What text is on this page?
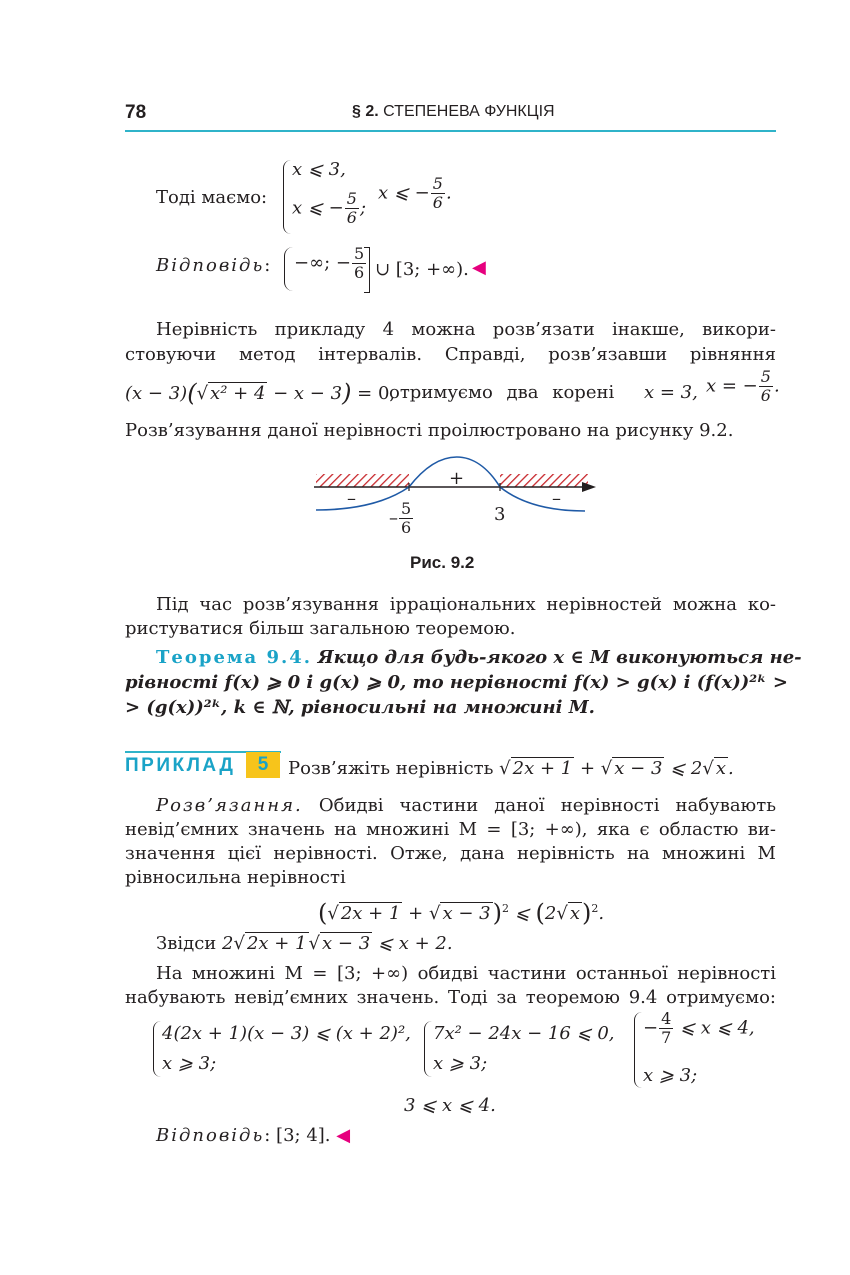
78	§ 2. СТЕПЕНЕВА ФУНКЦІЯ
Тоді маємо:
x ⩽ 3,
x ⩽ − $\frac{5}{6}$ ;
x ⩽ − $\frac{5}{6}$ .
Відповідь: −∞; − $\frac{5}{6}$ ∪ [3; +∞). ◀
Нерівність прикладу 4 можна розв’язати інакше, викори-
стовуючи метод інтервалів. Справді, розв’язавши рівняння
(x − 3)(√ x² + 4 − x − 3) = 0,
отримуємо два корені x = 3, x = − $\frac{5}{6}$ .
Розв’язування даної нерівності проілюстровано на рисунку 9.2.
+
–	–
– $\frac{5}{6}$	3
Рис. 9.2
Під час розв’язування ірраціональних нерівностей можна ко-
ристуватися більш загальною теоремою.
Теорема 9.4. Якщо для будь-якого x ∈ M виконуються не-
рівності f(x) ⩾ 0 і g(x) ⩾ 0, то нерівності f(x) > g(x) і (f(x))²ᵏ >
> (g(x))²ᵏ, k ∈ ℕ, рівносильні на множині M.
ПРИКЛАД	5	Розв’яжіть нерівність √ 2x + 1 + √ x − 3 ⩽ 2√ x .
Розв’язання. Обидві частини даної нерівності набувають
невід’ємних значень на множині M = [3; +∞), яка є областю ви-
значення цієї нерівності. Отже, дана нерівність на множині M
рівносильна нерівності
(√ 2x + 1 + √ x − 3)$^2$ ⩽ (2√ x)$^2$.
Звідси 2√ 2x + 1 √ x − 3 ⩽ x + 2.
На множині M = [3; +∞) обидві частини останньої нерівності
набувають невід’ємних значень. Тоді за теоремою 9.4 отримуємо:
4(2x + 1)(x − 3) ⩽ (x + 2)²,
x ⩾ 3;
7x² − 24x − 16 ⩽ 0,
x ⩾ 3;
− $\frac{4}{7}$ ⩽ x ⩽ 4,
x ⩾ 3;
3 ⩽ x ⩽ 4.
Відповідь: [3; 4]. ◀
